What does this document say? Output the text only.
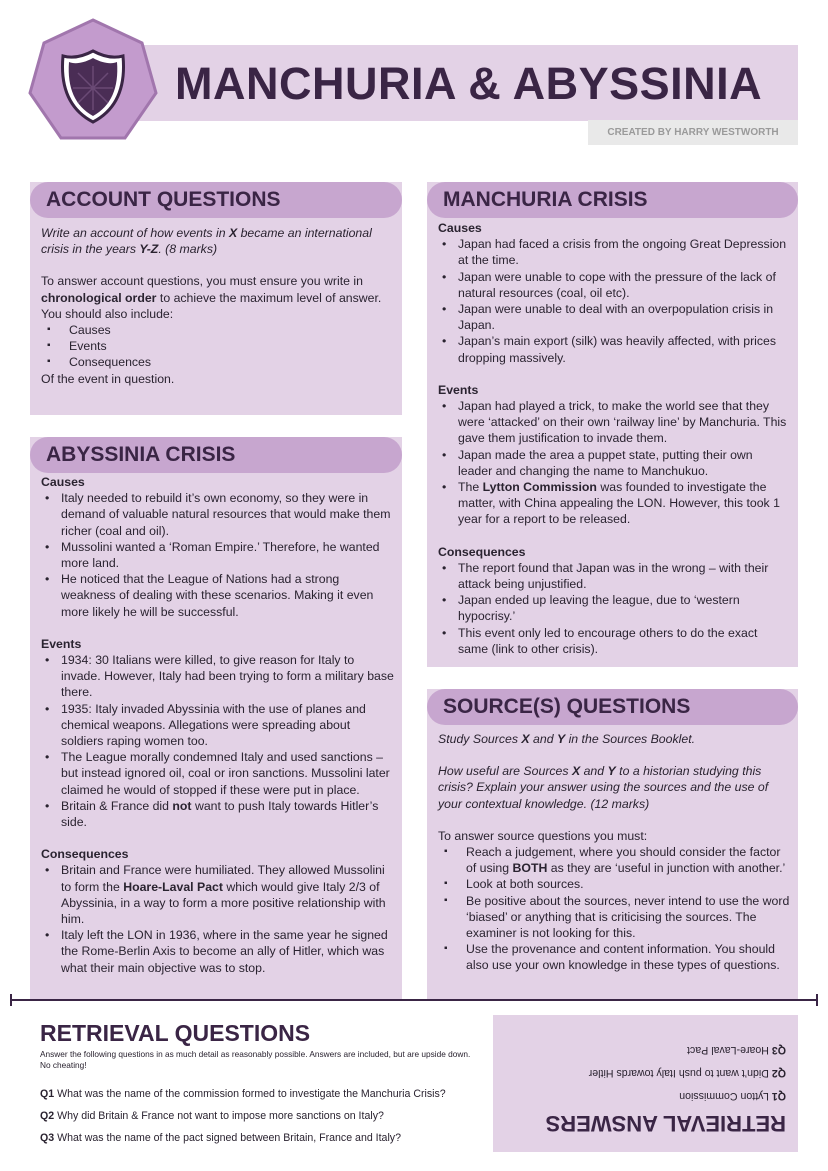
MANCHURIA & ABYSSINIA
CREATED BY HARRY WESTWORTH
ACCOUNT QUESTIONS
Write an account of how events in X became an international crisis in the years Y-Z. (8 marks)
To answer account questions, you must ensure you write in chronological order to achieve the maximum level of answer. You should also include:
▪ Causes
▪ Events
▪ Consequences
Of the event in question.
ABYSSINIA CRISIS
Causes
• Italy needed to rebuild it’s own economy, so they were in demand of valuable natural resources that would make them richer (coal and oil).
• Mussolini wanted a ‘Roman Empire.’ Therefore, he wanted more land.
• He noticed that the League of Nations had a strong weakness of dealing with these scenarios. Making it even more likely he will be successful.
Events
• 1934: 30 Italians were killed, to give reason for Italy to invade. However, Italy had been trying to form a military base there.
• 1935: Italy invaded Abyssinia with the use of planes and chemical weapons. Allegations were spreading about soldiers raping women too.
• The League morally condemned Italy and used sanctions – but instead ignored oil, coal or iron sanctions. Mussolini later claimed he would of stopped if these were put in place.
• Britain & France did not want to push Italy towards Hitler’s side.
Consequences
• Britain and France were humiliated. They allowed Mussolini to form the Hoare-Laval Pact which would give Italy 2/3 of Abyssinia, in a way to form a more positive relationship with him.
• Italy left the LON in 1936, where in the same year he signed the Rome-Berlin Axis to become an ally of Hitler, which was what their main objective was to stop.
MANCHURIA CRISIS
Causes
• Japan had faced a crisis from the ongoing Great Depression at the time.
• Japan were unable to cope with the pressure of the lack of natural resources (coal, oil etc).
• Japan were unable to deal with an overpopulation crisis in Japan.
• Japan’s main export (silk) was heavily affected, with prices dropping massively.
Events
• Japan had played a trick, to make the world see that they were ‘attacked’ on their own ‘railway line’ by Manchuria. This gave them justification to invade them.
• Japan made the area a puppet state, putting their own leader and changing the name to Manchukuo.
• The Lytton Commission was founded to investigate the matter, with China appealing the LON. However, this took 1 year for a report to be released.
Consequences
• The report found that Japan was in the wrong – with their attack being unjustified.
• Japan ended up leaving the league, due to ‘western hypocrisy.’
• This event only led to encourage others to do the exact same (link to other crisis).
SOURCE(S) QUESTIONS
Study Sources X and Y in the Sources Booklet.
How useful are Sources X and Y to a historian studying this crisis? Explain your answer using the sources and the use of your contextual knowledge. (12 marks)
To answer source questions you must:
▪ Reach a judgement, where you should consider the factor of using BOTH as they are ‘useful in junction with another.’
▪ Look at both sources.
▪ Be positive about the sources, never intend to use the word ‘biased’ or anything that is criticising the sources. The examiner is not looking for this.
▪ Use the provenance and content information. You should also use your own knowledge in these types of questions.
RETRIEVAL QUESTIONS
Answer the following questions in as much detail as reasonably possible. Answers are included, but are upside down. No cheating!
Q1 What was the name of the commission formed to investigate the Manchuria Crisis?
Q2 Why did Britain & France not want to impose more sanctions on Italy?
Q3 What was the name of the pact signed between Britain, France and Italy?
RETRIEVAL ANSWERS
Q1 Lytton Commission
Q2 Didn’t want to push Italy towards Hitler
Q3 Hoare-Laval Pact
